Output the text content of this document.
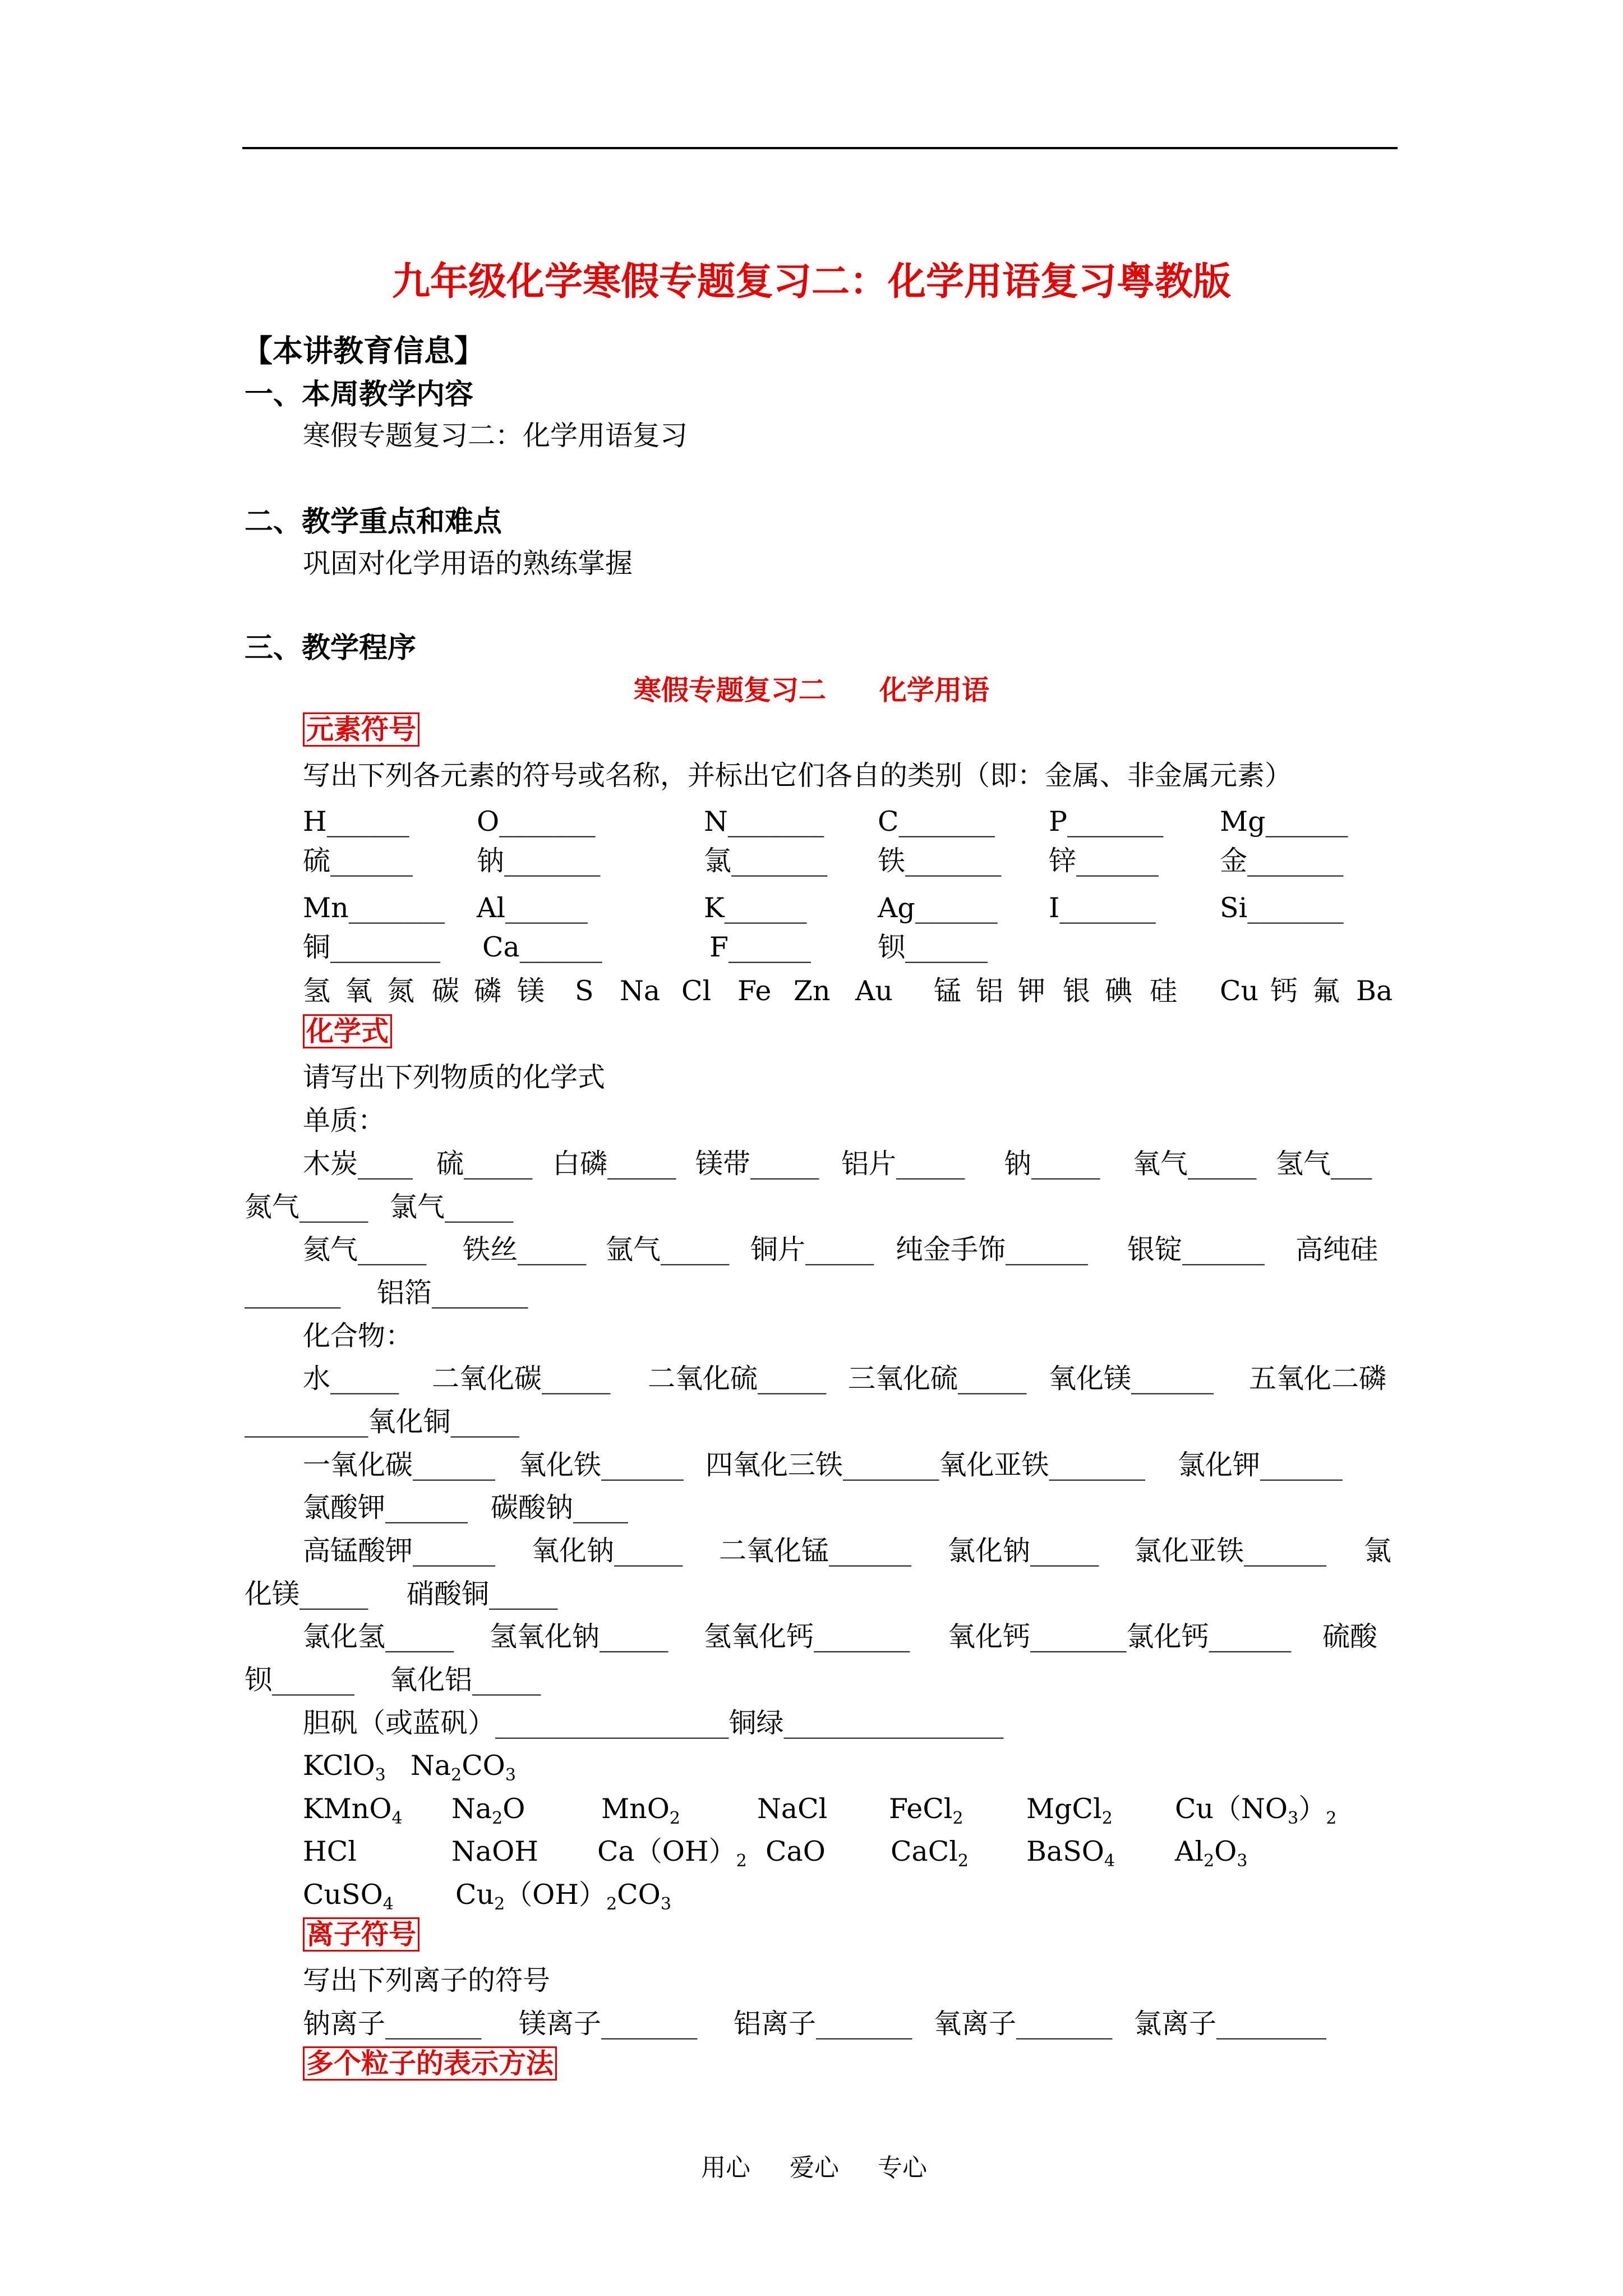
九年级化学寒假专题复习二：化学用语复习粤教版
【本讲教育信息】
一、本周教学内容
寒假专题复习二：化学用语复习
二、教学重点和难点
巩固对化学用语的熟练掌握
三、教学程序
寒假专题复习二 化学用语
元素符号
写出下列各元素的符号或名称，并标出它们各自的类别（即：金属、非金属元素）
H______ O_______	N_______ C_______ P_______ Mg______
硫______ 钠_______	氯_______ 铁_______ 锌______ 金_______
Mn_______ Al______	K______	Ag______ I_______ Si_______
铜________ Ca______	F______ 钡______
氢 氧 氮 碳 磷 镁 S Na Cl Fe Zn Au 锰 铝 钾 银 碘 硅 Cu 钙 氟 Ba
化学式
请写出下列物质的化学式
单质：
木炭____ 硫_____ 白磷_____ 镁带_____ 铝片_____ 钠_____ 氧气_____ 氢气___
氮气_____ 氯气_____
氦气_____ 铁丝_____ 氩气_____ 铜片_____ 纯金手饰______ 银锭______ 高纯硅
_______ 铝箔_______
化合物：
水_____ 二氧化碳_____ 二氧化硫_____ 三氧化硫_____ 氧化镁______ 五氧化二磷
_________氧化铜_____
一氧化碳______ 氧化铁______ 四氧化三铁_______氧化亚铁_______ 氯化钾______
氯酸钾______ 碳酸钠____
高锰酸钾______ 氧化钠_____ 二氧化锰______ 氯化钠_____ 氯化亚铁______ 氯
化镁_____ 硝酸铜_____
氯化氢_____ 氢氧化钠_____ 氢氧化钙_______ 氧化钙_______氯化钙______ 硫酸
钡______ 氧化铝_____
胆矾（或蓝矾）_________________铜绿________________
KClO$_3$ $Na_2CO_3$
KMnO$_4$ $Na_2O$	MnO$_2$	NaCl FeCl$_2$ MgCl$_2$ $Cu(NO_3)_2$
HCl	NaOH $Ca(OH)_2$ CaO CaCl$_2$ BaSO$_4$ $Al_2O_3$
CuSO$_4$ $Cu_2(OH)_2CO_3$
离子符号
写出下列离子的符号
钠离子_______ 镁离子_______ 铝离子_______ 氧离子_______ 氯离子________
多个粒子的表示方法
用心 爱心 专心
